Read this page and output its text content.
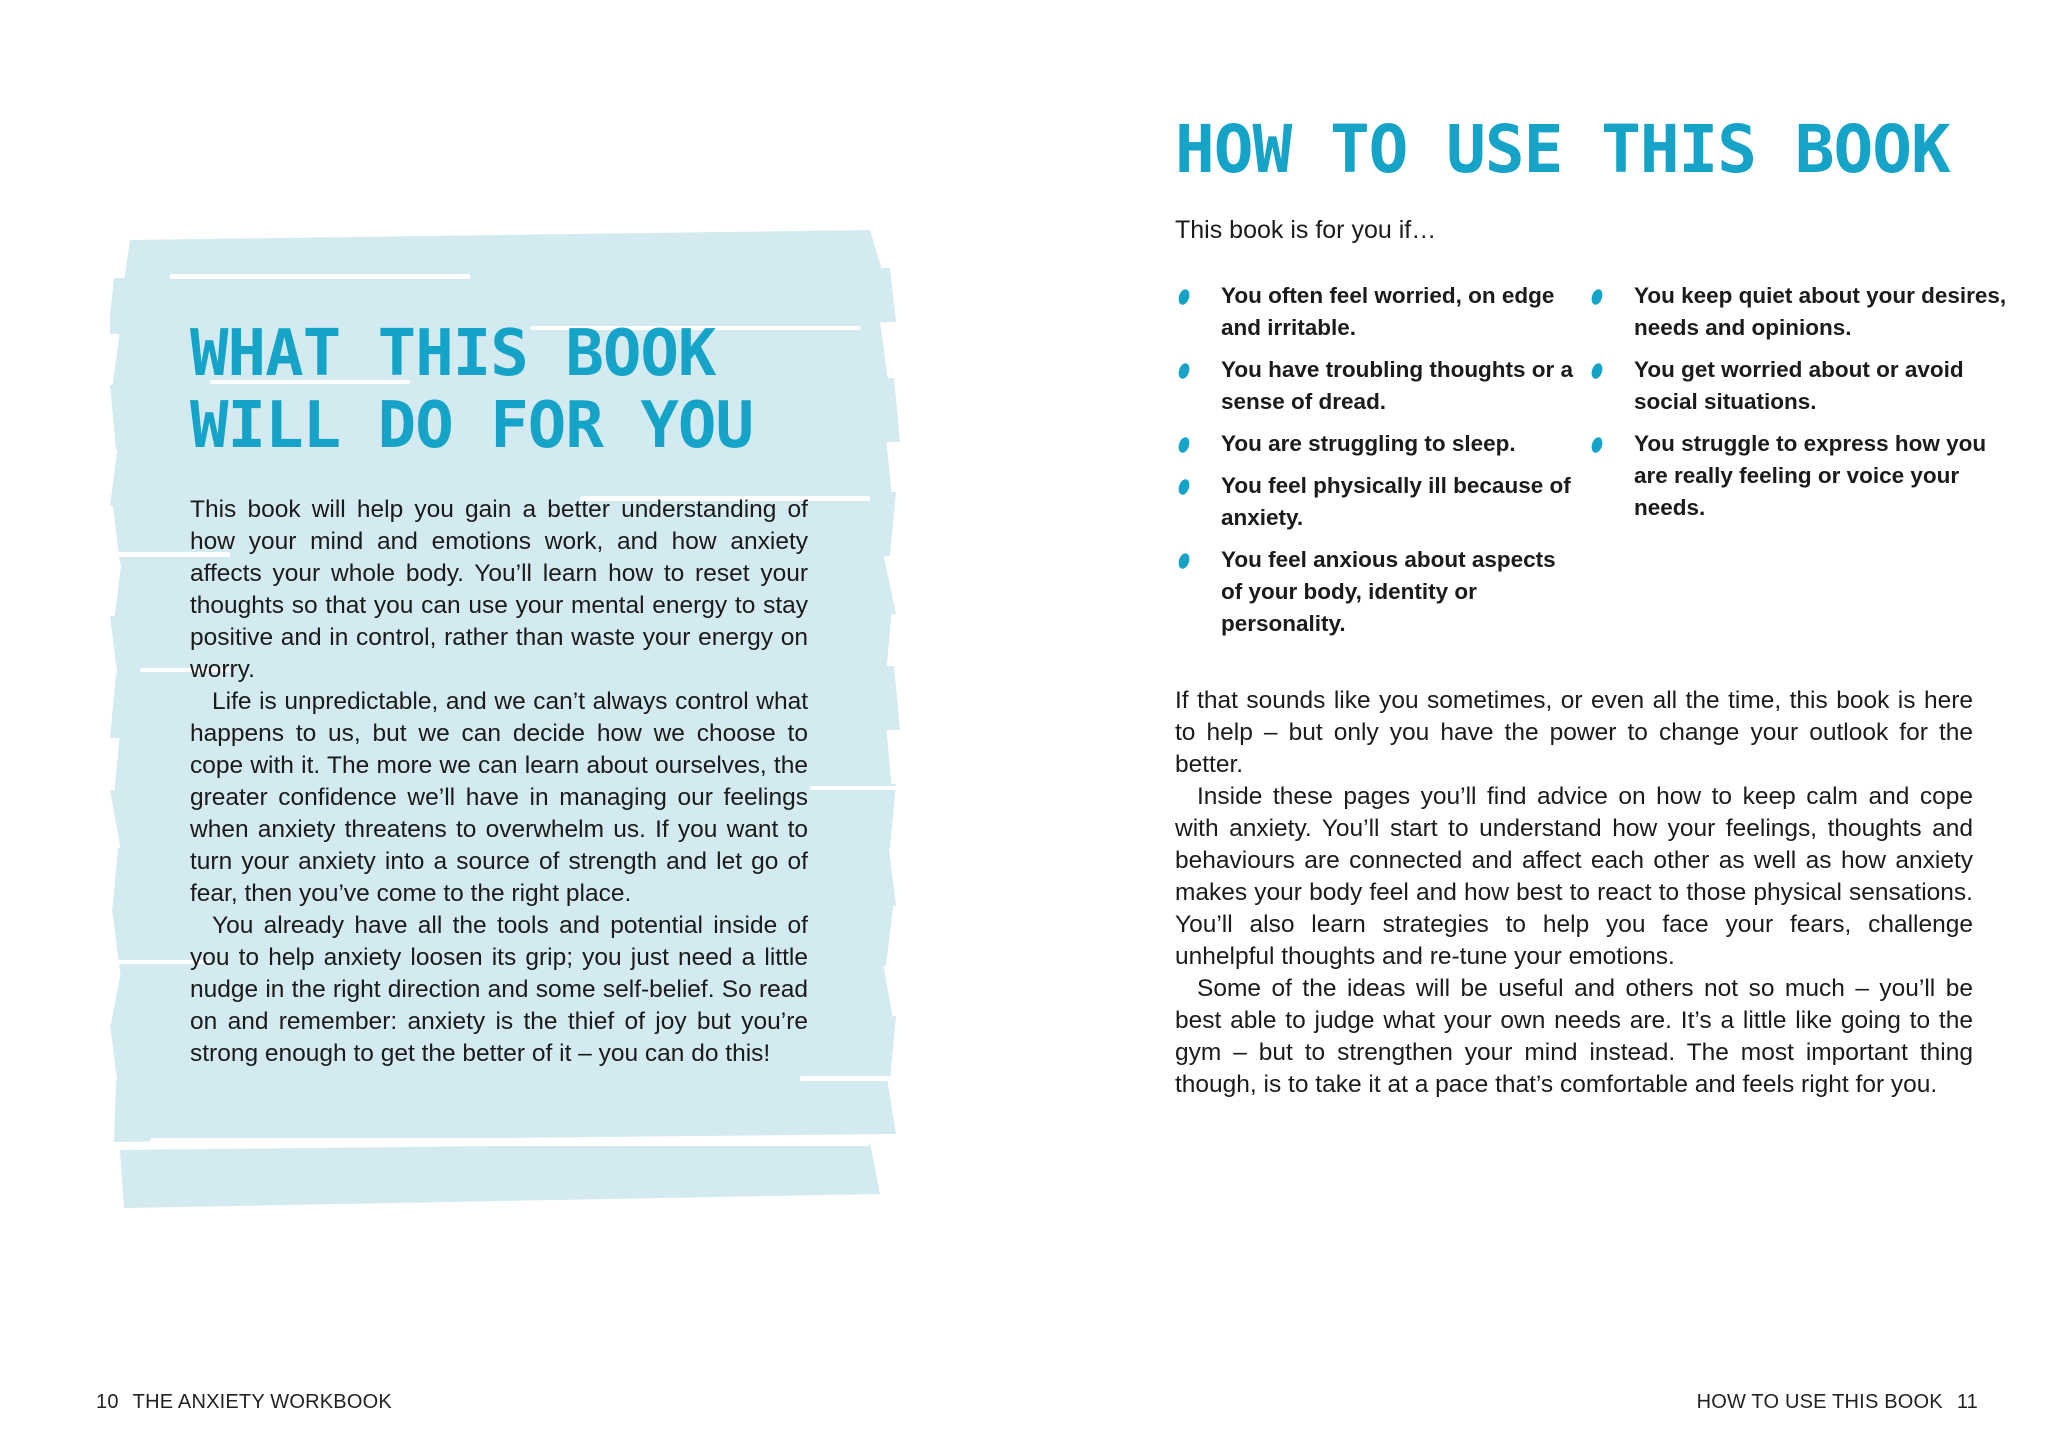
WHAT THIS BOOK
WILL DO FOR YOU

This book will help you gain a better understanding of how your mind and emotions work, and how anxiety affects your whole body. You’ll learn how to reset your thoughts so that you can use your mental energy to stay positive and in control, rather than waste your energy on worry.

Life is unpredictable, and we can’t always control what happens to us, but we can decide how we choose to cope with it. The more we can learn about ourselves, the greater confidence we’ll have in managing our feelings when anxiety threatens to overwhelm us. If you want to turn your anxiety into a source of strength and let go of fear, then you’ve come to the right place.

You already have all the tools and potential inside of you to help anxiety loosen its grip; you just need a little nudge in the right direction and some self-belief. So read on and remember: anxiety is the thief of joy but you’re strong enough to get the better of it – you can do this!

10 THE ANXIETY WORKBOOK
HOW TO USE THIS BOOK
This book is for you if…
You often feel worried, on edge and irritable.
You have troubling thoughts or a sense of dread.
You are struggling to sleep.
You feel physically ill because of anxiety.
You feel anxious about aspects of your body, identity or personality.
You keep quiet about your desires, needs and opinions.
You get worried about or avoid social situations.
You struggle to express how you are really feeling or voice your needs.

If that sounds like you sometimes, or even all the time, this book is here to help – but only you have the power to change your outlook for the better.

Inside these pages you’ll find advice on how to keep calm and cope with anxiety. You’ll start to understand how your feelings, thoughts and behaviours are connected and affect each other as well as how anxiety makes your body feel and how best to react to those physical sensations. You’ll also learn strategies to help you face your fears, challenge unhelpful thoughts and re-tune your emotions.

Some of the ideas will be useful and others not so much – you’ll be best able to judge what your own needs are. It’s a little like going to the gym – but to strengthen your mind instead. The most important thing though, is to take it at a pace that’s comfortable and feels right for you.

HOW TO USE THIS BOOK 11
